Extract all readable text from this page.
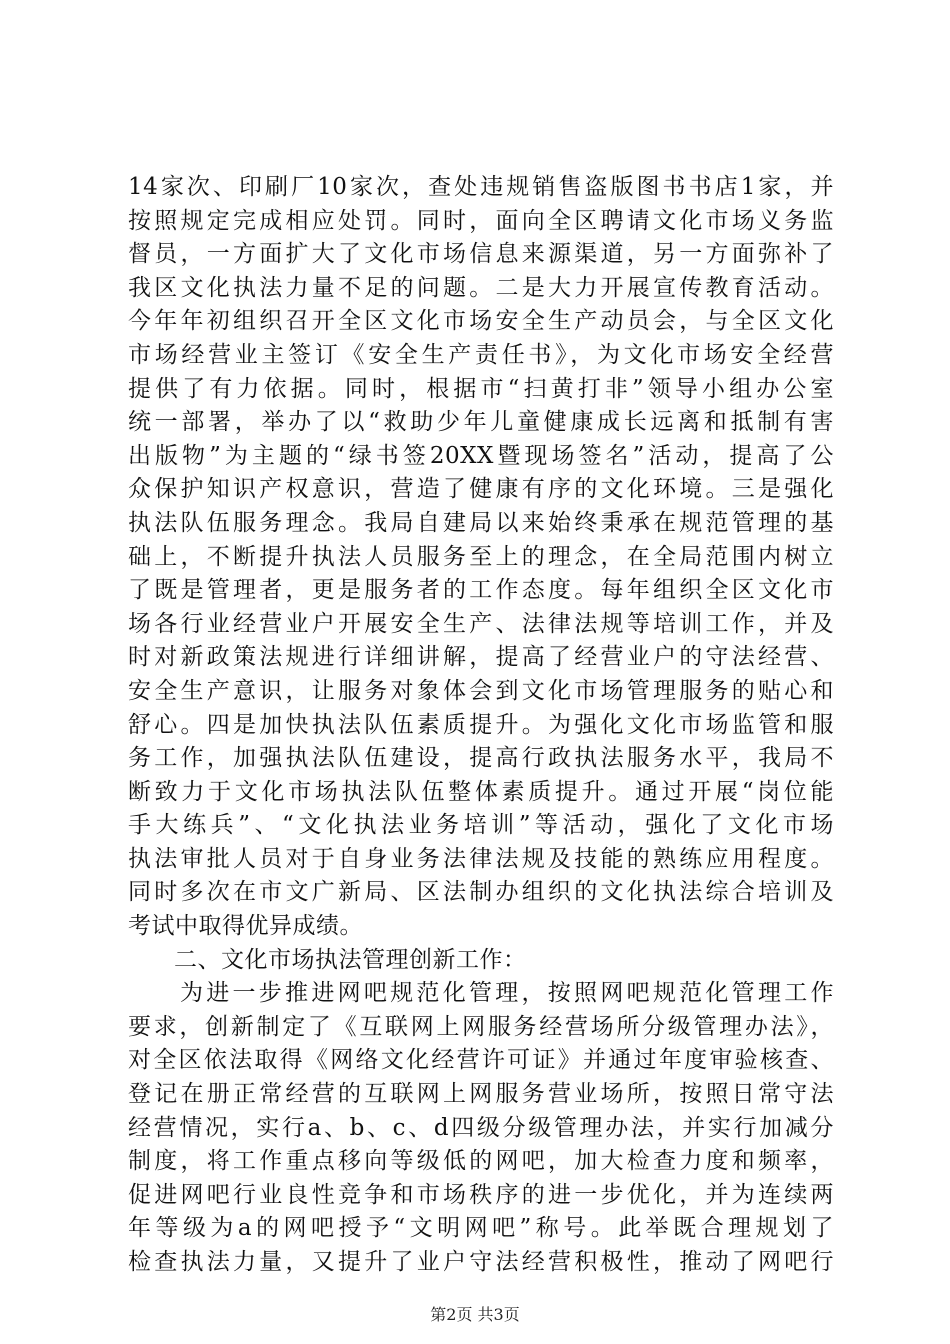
14家次、印刷厂10家次，查处违规销售盗版图书书店1家，并
按照规定完成相应处罚。同时，面向全区聘请文化市场义务监
督员，一方面扩大了文化市场信息来源渠道，另一方面弥补了
我区文化执法力量不足的问题。二是大力开展宣传教育活动。
今年年初组织召开全区文化市场安全生产动员会，与全区文化
市场经营业主签订《安全生产责任书》，为文化市场安全经营
提供了有力依据。同时，根据市“扫黄打非”领导小组办公室
统一部署，举办了以“救助少年儿童健康成长远离和抵制有害
出版物”为主题的“绿书签20XX暨现场签名”活动，提高了公
众保护知识产权意识，营造了健康有序的文化环境。三是强化
执法队伍服务理念。我局自建局以来始终秉承在规范管理的基
础上，不断提升执法人员服务至上的理念，在全局范围内树立
了既是管理者，更是服务者的工作态度。每年组织全区文化市
场各行业经营业户开展安全生产、法律法规等培训工作，并及
时对新政策法规进行详细讲解，提高了经营业户的守法经营、
安全生产意识，让服务对象体会到文化市场管理服务的贴心和
舒心。四是加快执法队伍素质提升。为强化文化市场监管和服
务工作，加强执法队伍建设，提高行政执法服务水平，我局不
断致力于文化市场执法队伍整体素质提升。通过开展“岗位能
手大练兵”、“文化执法业务培训”等活动，强化了文化市场
执法审批人员对于自身业务法律法规及技能的熟练应用程度。
同时多次在市文广新局、区法制办组织的文化执法综合培训及
考试中取得优异成绩。
二、文化市场执法管理创新工作：
为进一步推进网吧规范化管理，按照网吧规范化管理工作
要求，创新制定了《互联网上网服务经营场所分级管理办法》，
对全区依法取得《网络文化经营许可证》并通过年度审验核查、
登记在册正常经营的互联网上网服务营业场所，按照日常守法
经营情况，实行a、b、c、d四级分级管理办法，并实行加减分
制度，将工作重点移向等级低的网吧，加大检查力度和频率，
促进网吧行业良性竞争和市场秩序的进一步优化，并为连续两
年等级为a的网吧授予“文明网吧”称号。此举既合理规划了
检查执法力量，又提升了业户守法经营积极性，推动了网吧行
第2页 共3页
